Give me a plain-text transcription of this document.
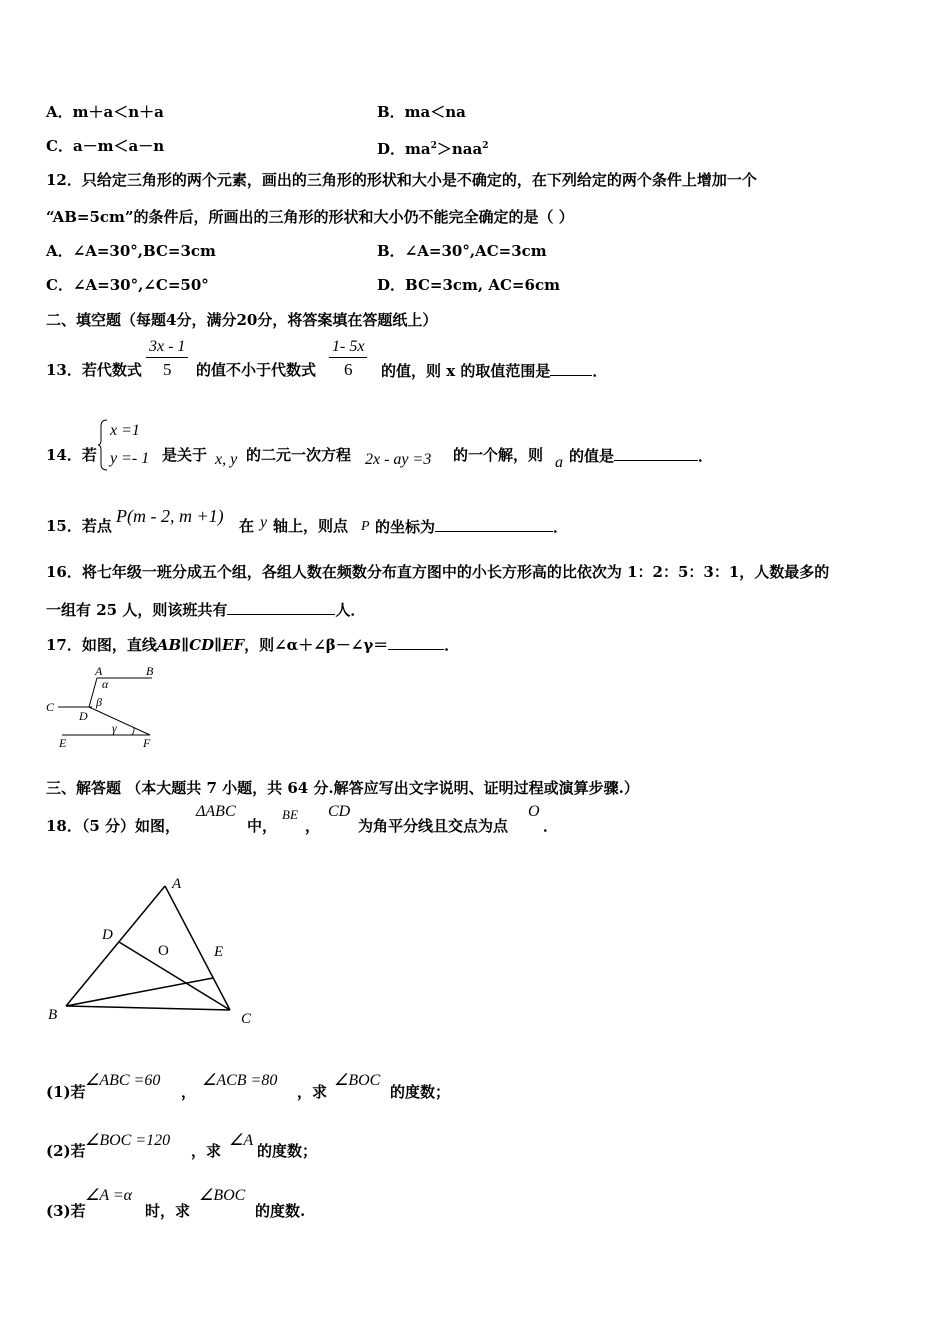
A．m＋a＜n＋a	B．ma＜na
C．a－m＜a－n	D．$ma^2>naa^2$
12．只给定三角形的两个元素，画出的三角形的形状和大小是不确定的，在下列给定的两个条件上增加一个
“AB=5cm”的条件后，所画出的三角形的形状和大小仍不能完全确定的是（ ）
A．∠A=30°,BC=3cm	B．∠A=30°,AC=3cm
C．∠A=30°,∠C=50°	D．BC=3cm, AC=6cm
二、填空题（每题4分，满分20分，将答案填在答题纸上）
13．若代数式 $\frac{3x - 1}{5}$ 的值不小于代数式 $\frac{1- 5x}{6}$ 的值，则 x 的取值范围是	．
14．若
x =1
y =- 1 是关于 x, y 的二元一次方程 2x - ay =3 的一个解，则 a 的值是	．
15．若点 P(m - 2, m +1) 在 y 轴上，则点 P 的坐标为	．
16．将七年级一班分成五个组，各组人数在频数分布直方图中的小长方形高的比依次为 1：2：5：3：1，人数最多的
一组有 25 人，则该班共有	人．
17．如图，直线AB∥CD∥EF，则∠α＋∠β－∠γ＝	．
A	B
C
D
E	F
α
β
γ
三、解答题 （本大题共 7 小题，共 64 分.解答应写出文字说明、证明过程或演算步骤.）
18．（5 分）如图，
ΔABC
中，
BE
，
CD
为角平分线且交点为点
O
．
A
B	C
D
E
O
(1)若
∠ABC =60
，
∠ACB =80
，求
∠BOC
的度数；
(2)若
∠BOC =120
，求
∠A
的度数；
(3)若
∠A =α
时，求
∠BOC
的度数.
